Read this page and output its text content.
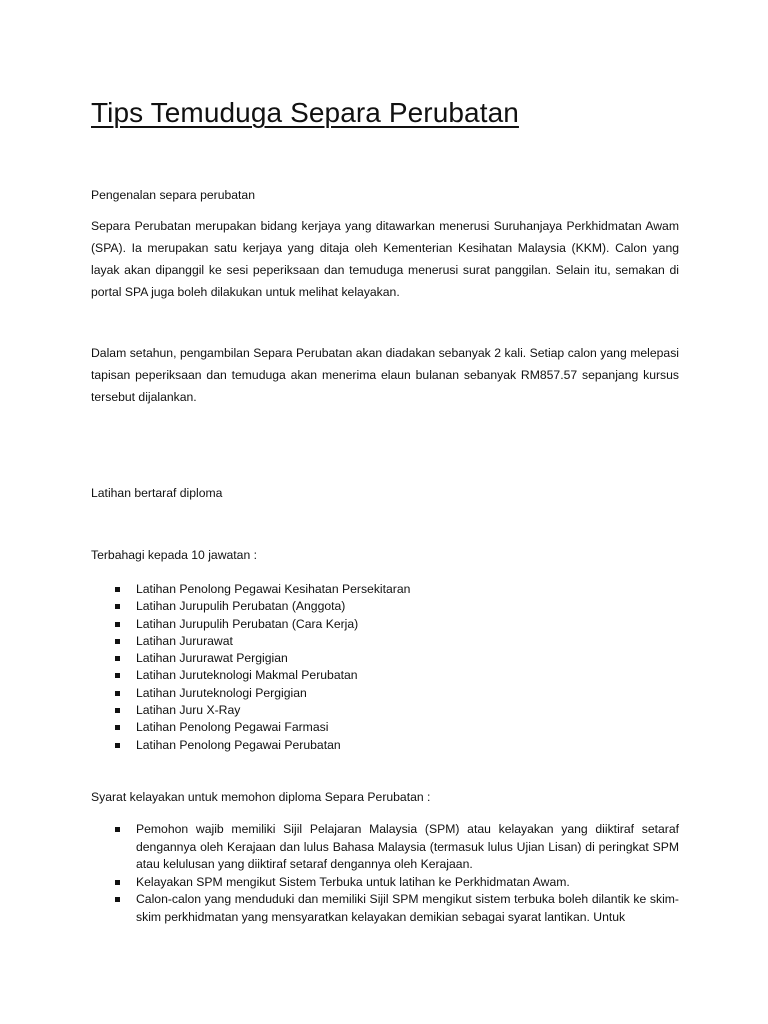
Tips Temuduga Separa Perubatan

Pengenalan separa perubatan

Separa Perubatan merupakan bidang kerjaya yang ditawarkan menerusi Suruhanjaya Perkhidmatan Awam (SPA). Ia merupakan satu kerjaya yang ditaja oleh Kementerian Kesihatan Malaysia (KKM). Calon yang layak akan dipanggil ke sesi peperiksaan dan temuduga menerusi surat panggilan. Selain itu, semakan di portal SPA juga boleh dilakukan untuk melihat kelayakan.

Dalam setahun, pengambilan Separa Perubatan akan diadakan sebanyak 2 kali. Setiap calon yang melepasi tapisan peperiksaan dan temuduga akan menerima elaun bulanan sebanyak RM857.57 sepanjang kursus tersebut dijalankan.

Latihan bertaraf diploma

Terbahagi kepada 10 jawatan :

Latihan Penolong Pegawai Kesihatan Persekitaran
Latihan Jurupulih Perubatan (Anggota)
Latihan Jurupulih Perubatan (Cara Kerja)
Latihan Jururawat
Latihan Jururawat Pergigian
Latihan Juruteknologi Makmal Perubatan
Latihan Juruteknologi Pergigian
Latihan Juru X-Ray
Latihan Penolong Pegawai Farmasi
Latihan Penolong Pegawai Perubatan

Syarat kelayakan untuk memohon diploma Separa Perubatan :

Pemohon wajib memiliki Sijil Pelajaran Malaysia (SPM) atau kelayakan yang diiktiraf setaraf dengannya oleh Kerajaan dan lulus Bahasa Malaysia (termasuk lulus Ujian Lisan) di peringkat SPM atau kelulusan yang diiktiraf setaraf dengannya oleh Kerajaan.
Kelayakan SPM mengikut Sistem Terbuka untuk latihan ke Perkhidmatan Awam.
Calon-calon yang menduduki dan memiliki Sijil SPM mengikut sistem terbuka boleh dilantik ke skim-skim perkhidmatan yang mensyaratkan kelayakan demikian sebagai syarat lantikan. Untuk
